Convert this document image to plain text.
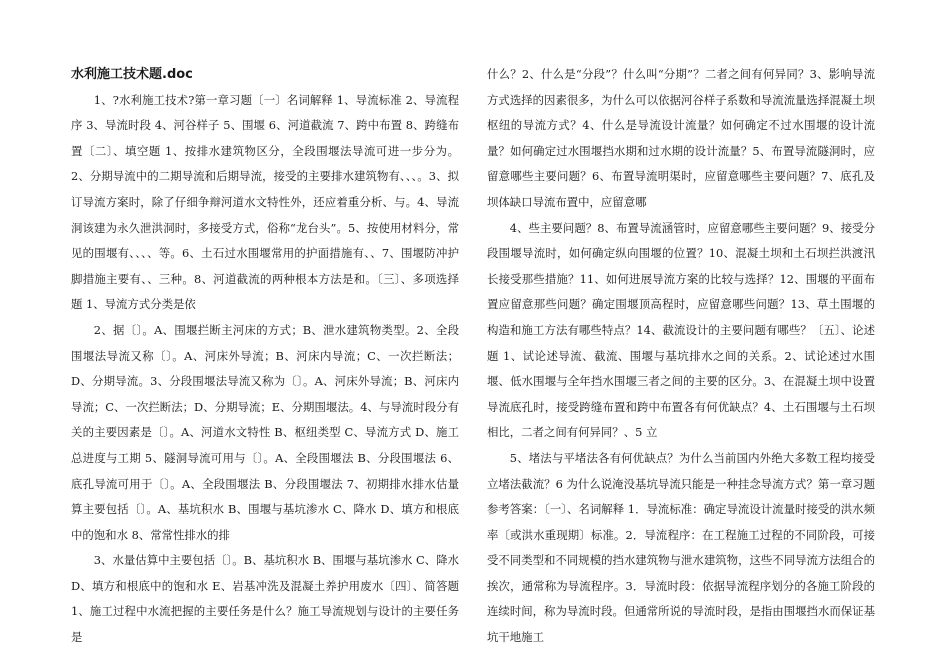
水利施工技术题.doc

1、?水利施工技术?第一章习题〔一〕名词解释 1、导流标准 2、导流程序 3、导流时段 4、河谷样子 5、围堰 6、河道截流 7、跨中布置 8、跨缝布置〔二〕、填空题 1、按排水建筑物区分，全段围堰法导流可进一步分为。2、分期导流中的二期导流和后期导流，接受的主要排水建筑物有、、、。3、拟订导流方案时，除了仔细争辩河道水文特性外，还应着重分析、与。4、导流洞该建为永久泄洪洞时，多接受方式，俗称“龙台头”。5、按使用材料分，常见的围堰有、、、、等。6、土石过水围堰常用的护面措施有、、7、围堰防冲护脚措施主要有、、三种。8、河道截流的两种根本方法是和。〔三〕、多项选择题 1、导流方式分类是依

2、据〔〕。A、围堰拦断主河床的方式；B、泄水建筑物类型。2、全段围堰法导流又称〔〕。A、河床外导流；B、河床内导流；C、一次拦断法；D、分期导流。3、分段围堰法导流又称为〔〕。A、河床外导流；B、河床内导流；C、一次拦断法；D、分期导流；E、分期围堰法。4、与导流时段分有关的主要因素是〔〕。A、河道水文特性 B、枢纽类型 C、导流方式 D、施工总进度与工期 5、隧洞导流可用与〔〕。A、全段围堰法 B、分段围堰法 6、底孔导流可用于〔〕。A、全段围堰法 B、分段围堰法 7、初期排水排水估量算主要包括〔〕。A、基坑积水 B、围堰与基坑渗水 C、降水 D、填方和根底中的饱和水 8、常常性排水的排

3、水量估算中主要包括〔〕。B、基坑积水 B、围堰与基坑渗水 C、降水 D、填方和根底中的饱和水 E、岩基冲洗及混凝土养护用废水〔四〕、简答题 1、施工过程中水流把握的主要任务是什么？施工导流规划与设计的主要任务是

什么？2、什么是“分段”？什么叫“分期”？二者之间有何异同？3、影响导流方式选择的因素很多，为什么可以依据河谷样子系数和导流流量选择混凝土坝枢纽的导流方式？4、什么是导流设计流量？如何确定不过水围堰的设计流量？如何确定过水围堰挡水期和过水期的设计流量？5、布置导流隧洞时，应留意哪些主要问题？6、布置导流明渠时，应留意哪些主要问题？7、底孔及坝体缺口导流布置中，应留意哪

4、些主要问题？8、布置导流涵管时，应留意哪些主要问题？9、接受分段围堰导流时，如何确定纵向围堰的位置？10、混凝土坝和土石坝拦洪渡汛长接受那些措施？11、如何进展导流方案的比较与选择？12、围堰的平面布置应留意那些问题？确定围堰顶高程时，应留意哪些问题？13、草土围堰的构造和施工方法有哪些特点？14、截流设计的主要问题有哪些？〔五〕、论述题 1、试论述导流、截流、围堰与基坑排水之间的关系。2、试论述过水围堰、低水围堰与全年挡水围堰三者之间的主要的区分。3、在混凝土坝中设置导流底孔时，接受跨缝布置和跨中布置各有何优缺点？4、土石围堰与土石坝相比，二者之间有何异同？、5 立

5、堵法与平堵法各有何优缺点？为什么当前国内外绝大多数工程均接受立堵法截流？6 为什么说淹没基坑导流只能是一种挂念导流方式？第一章习题参考答案：〔一〕、名词解释 1．导流标准：确定导流设计流量时接受的洪水频率〔或洪水重现期〕标准。2．导流程序：在工程施工过程的不同阶段，可接受不同类型和不同规模的挡水建筑物与泄水建筑物，这些不同导流方法组合的挨次，通常称为导流程序。3．导流时段：依据导流程序划分的各施工阶段的连续时间，称为导流时段。但通常所说的导流时段，是指由围堰挡水而保证基坑干地施工
